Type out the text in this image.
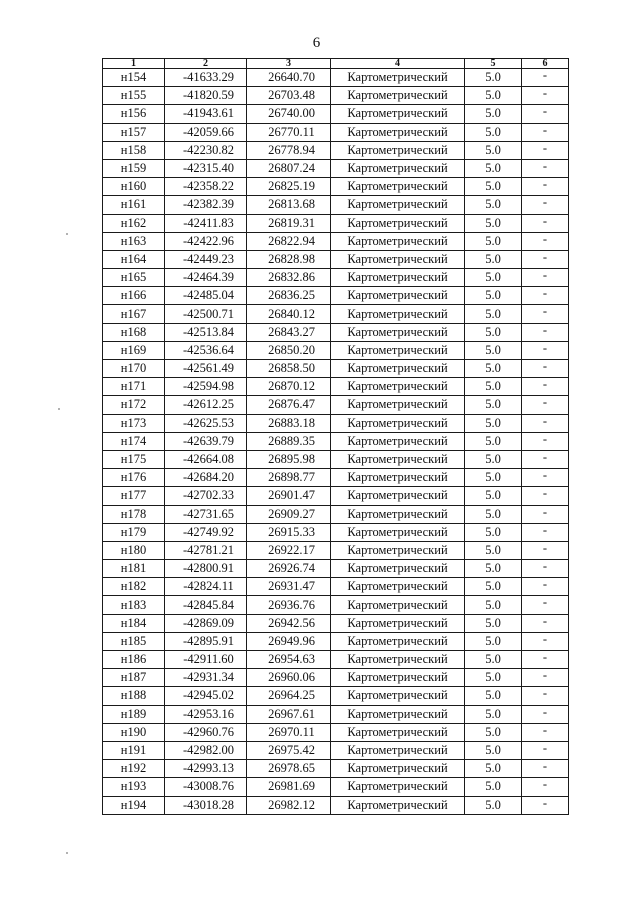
6
1	2	3	4	5	6
н154	-41633.29	26640.70	Картометрический	5.0	-
н155	-41820.59	26703.48	Картометрический	5.0	-
н156	-41943.61	26740.00	Картометрический	5.0	-
н157	-42059.66	26770.11	Картометрический	5.0	-
н158	-42230.82	26778.94	Картометрический	5.0	-
н159	-42315.40	26807.24	Картометрический	5.0	-
н160	-42358.22	26825.19	Картометрический	5.0	-
н161	-42382.39	26813.68	Картометрический	5.0	-
н162	-42411.83	26819.31	Картометрический	5.0	-
н163	-42422.96	26822.94	Картометрический	5.0	-
н164	-42449.23	26828.98	Картометрический	5.0	-
н165	-42464.39	26832.86	Картометрический	5.0	-
н166	-42485.04	26836.25	Картометрический	5.0	-
н167	-42500.71	26840.12	Картометрический	5.0	-
н168	-42513.84	26843.27	Картометрический	5.0	-
н169	-42536.64	26850.20	Картометрический	5.0	-
н170	-42561.49	26858.50	Картометрический	5.0	-
н171	-42594.98	26870.12	Картометрический	5.0	-
н172	-42612.25	26876.47	Картометрический	5.0	-
н173	-42625.53	26883.18	Картометрический	5.0	-
н174	-42639.79	26889.35	Картометрический	5.0	-
н175	-42664.08	26895.98	Картометрический	5.0	-
н176	-42684.20	26898.77	Картометрический	5.0	-
н177	-42702.33	26901.47	Картометрический	5.0	-
н178	-42731.65	26909.27	Картометрический	5.0	-
н179	-42749.92	26915.33	Картометрический	5.0	-
н180	-42781.21	26922.17	Картометрический	5.0	-
н181	-42800.91	26926.74	Картометрический	5.0	-
н182	-42824.11	26931.47	Картометрический	5.0	-
н183	-42845.84	26936.76	Картометрический	5.0	-
н184	-42869.09	26942.56	Картометрический	5.0	-
н185	-42895.91	26949.96	Картометрический	5.0	-
н186	-42911.60	26954.63	Картометрический	5.0	-
н187	-42931.34	26960.06	Картометрический	5.0	-
н188	-42945.02	26964.25	Картометрический	5.0	-
н189	-42953.16	26967.61	Картометрический	5.0	-
н190	-42960.76	26970.11	Картометрический	5.0	-
н191	-42982.00	26975.42	Картометрический	5.0	-
н192	-42993.13	26978.65	Картометрический	5.0	-
н193	-43008.76	26981.69	Картометрический	5.0	-
н194	-43018.28	26982.12	Картометрический	5.0	-
